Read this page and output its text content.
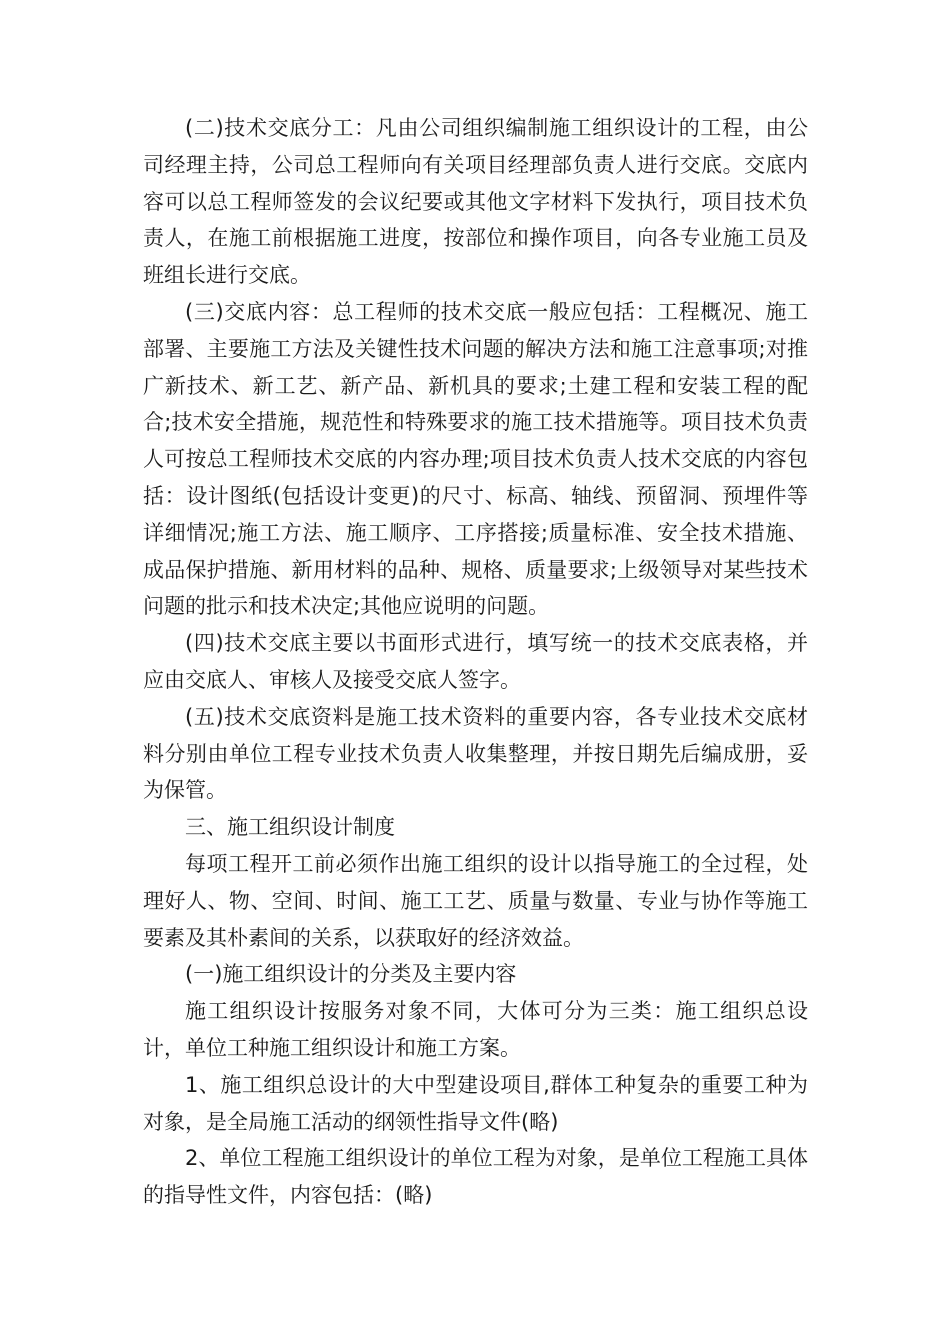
(二)技术交底分工：凡由公司组织编制施工组织设计的工程，由公司经理主持，公司总工程师向有关项目经理部负责人进行交底。交底内容可以总工程师签发的会议纪要或其他文字材料下发执行，项目技术负责人，在施工前根据施工进度，按部位和操作项目，向各专业施工员及班组长进行交底。

(三)交底内容：总工程师的技术交底一般应包括：工程概况、施工部署、主要施工方法及关键性技术问题的解决方法和施工注意事项;对推广新技术、新工艺、新产品、新机具的要求;土建工程和安装工程的配合;技术安全措施，规范性和特殊要求的施工技术措施等。项目技术负责人可按总工程师技术交底的内容办理;项目技术负责人技术交底的内容包括：设计图纸(包括设计变更)的尺寸、标高、轴线、预留洞、预埋件等详细情况;施工方法、施工顺序、工序搭接;质量标准、安全技术措施、成品保护措施、新用材料的品种、规格、质量要求;上级领导对某些技术问题的批示和技术决定;其他应说明的问题。

(四)技术交底主要以书面形式进行，填写统一的技术交底表格，并应由交底人、审核人及接受交底人签字。

(五)技术交底资料是施工技术资料的重要内容，各专业技术交底材料分别由单位工程专业技术负责人收集整理，并按日期先后编成册，妥为保管。

三、施工组织设计制度

每项工程开工前必须作出施工组织的设计以指导施工的全过程，处理好人、物、空间、时间、施工工艺、质量与数量、专业与协作等施工要素及其朴素间的关系，以获取好的经济效益。

(一)施工组织设计的分类及主要内容

施工组织设计按服务对象不同，大体可分为三类：施工组织总设计，单位工种施工组织设计和施工方案。

1、施工组织总设计的大中型建设项目,群体工种复杂的重要工种为对象，是全局施工活动的纲领性指导文件(略)

2、单位工程施工组织设计的单位工程为对象，是单位工程施工具体的指导性文件，内容包括：(略)
